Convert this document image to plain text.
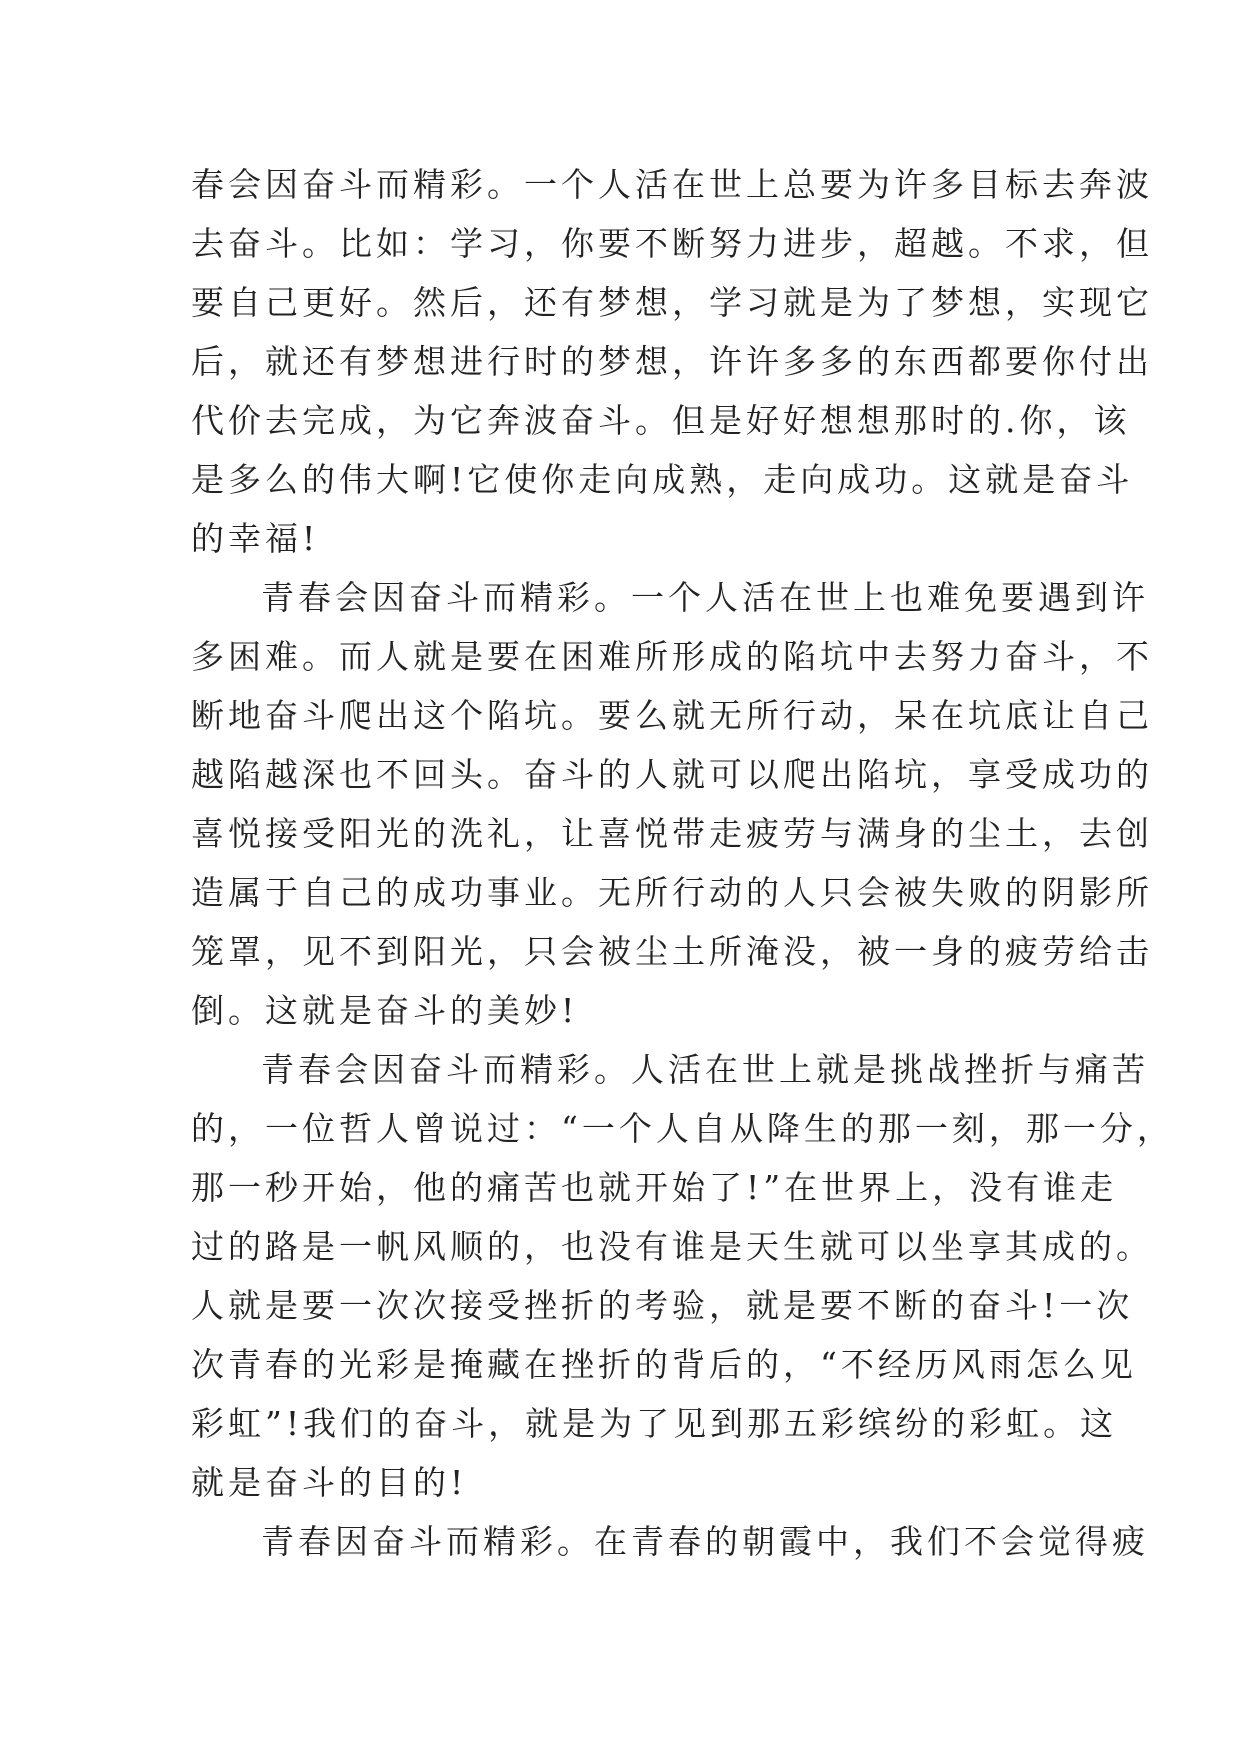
春会因奋斗而精彩。一个人活在世上总要为许多目标去奔波
去奋斗。比如：学习，你要不断努力进步，超越。不求，但
要自己更好。然后，还有梦想，学习就是为了梦想，实现它
后，就还有梦想进行时的梦想，许许多多的东西都要你付出
代价去完成，为它奔波奋斗。但是好好想想那时的.你，该
是多么的伟大啊!它使你走向成熟，走向成功。这就是奋斗
的幸福!
青春会因奋斗而精彩。一个人活在世上也难免要遇到许
多困难。而人就是要在困难所形成的陷坑中去努力奋斗，不
断地奋斗爬出这个陷坑。要么就无所行动，呆在坑底让自己
越陷越深也不回头。奋斗的人就可以爬出陷坑，享受成功的
喜悦接受阳光的洗礼，让喜悦带走疲劳与满身的尘土，去创
造属于自己的成功事业。无所行动的人只会被失败的阴影所
笼罩，见不到阳光，只会被尘土所淹没，被一身的疲劳给击
倒。这就是奋斗的美妙!
青春会因奋斗而精彩。人活在世上就是挑战挫折与痛苦
的，一位哲人曾说过：“一个人自从降生的那一刻，那一分，
那一秒开始，他的痛苦也就开始了!”在世界上，没有谁走
过的路是一帆风顺的，也没有谁是天生就可以坐享其成的。
人就是要一次次接受挫折的考验，就是要不断的奋斗!一次
次青春的光彩是掩藏在挫折的背后的，“不经历风雨怎么见
彩虹”!我们的奋斗，就是为了见到那五彩缤纷的彩虹。这
就是奋斗的目的!
青春因奋斗而精彩。在青春的朝霞中，我们不会觉得疲
